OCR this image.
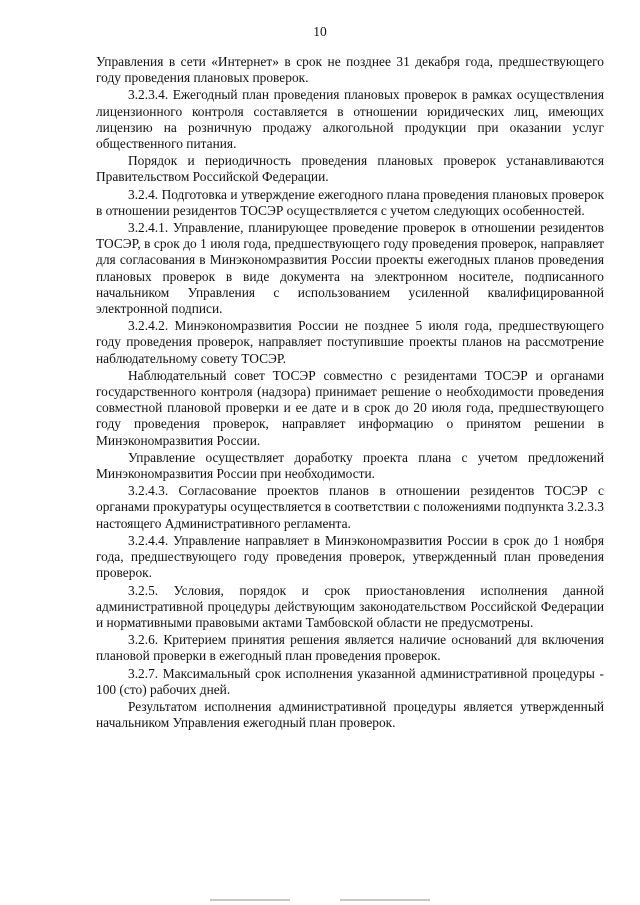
10

Управления в сети «Интернет» в срок не позднее 31 декабря года, предшествующего году проведения плановых проверок.

3.2.3.4. Ежегодный план проведения плановых проверок в рамках осуществления лицензионного контроля составляется в отношении юридических лиц, имеющих лицензию на розничную продажу алкогольной продукции при оказании услуг общественного питания.

Порядок и периодичность проведения плановых проверок устанавливаются Правительством Российской Федерации.

3.2.4. Подготовка и утверждение ежегодного плана проведения плановых проверок в отношении резидентов ТОСЭР осуществляется с учетом следующих особенностей.

3.2.4.1. Управление, планирующее проведение проверок в отношении резидентов ТОСЭР, в срок до 1 июля года, предшествующего году проведения проверок, направляет для согласования в Минэкономразвития России проекты ежегодных планов проведения плановых проверок в виде документа на электронном носителе, подписанного начальником Управления с использованием усиленной квалифицированной электронной подписи.

3.2.4.2. Минэкономразвития России не позднее 5 июля года, предшествующего году проведения проверок, направляет поступившие проекты планов на рассмотрение наблюдательному совету ТОСЭР.

Наблюдательный совет ТОСЭР совместно с резидентами ТОСЭР и органами государственного контроля (надзора) принимает решение о необходимости проведения совместной плановой проверки и ее дате и в срок до 20 июля года, предшествующего году проведения проверок, направляет информацию о принятом решении в Минэкономразвития России.

Управление осуществляет доработку проекта плана с учетом предложений Минэкономразвития России при необходимости.

3.2.4.3. Согласование проектов планов в отношении резидентов ТОСЭР с органами прокуратуры осуществляется в соответствии с положениями подпункта 3.2.3.3 настоящего Административного регламента.

3.2.4.4. Управление направляет в Минэкономразвития России в срок до 1 ноября года, предшествующего году проведения проверок, утвержденный план проведения проверок.

3.2.5. Условия, порядок и срок приостановления исполнения данной административной процедуры действующим законодательством Российской Федерации и нормативными правовыми актами Тамбовской области не предусмотрены.

3.2.6. Критерием принятия решения является наличие оснований для включения плановой проверки в ежегодный план проведения проверок.

3.2.7. Максимальный срок исполнения указанной административной процедуры - 100 (сто) рабочих дней.

Результатом исполнения административной процедуры является утвержденный начальником Управления ежегодный план проверок.
